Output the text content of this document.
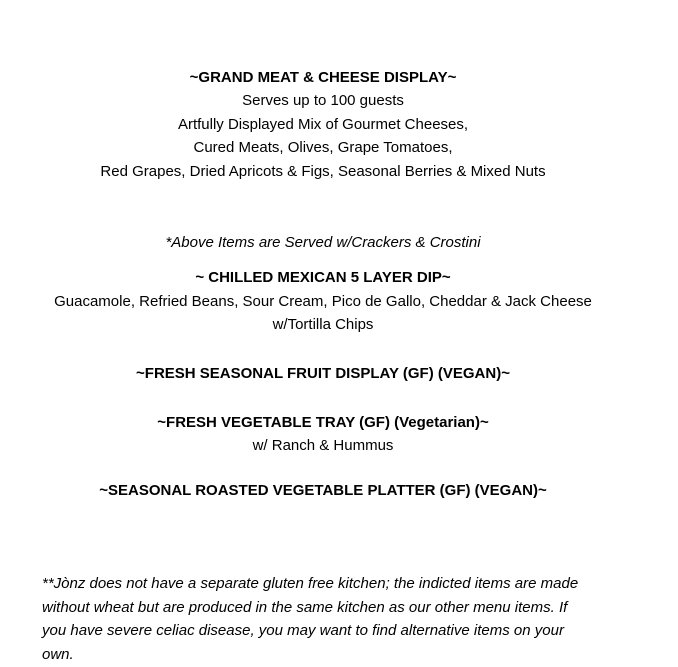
~GRAND MEAT & CHEESE DISPLAY~
Serves up to 100 guests
Artfully Displayed Mix of Gourmet Cheeses,
Cured Meats, Olives, Grape Tomatoes,
Red Grapes, Dried Apricots & Figs, Seasonal Berries & Mixed Nuts
*Above Items are Served w/Crackers & Crostini
~ CHILLED MEXICAN 5 LAYER DIP~
Guacamole, Refried Beans, Sour Cream, Pico de Gallo, Cheddar & Jack Cheese
w/Tortilla Chips
~FRESH SEASONAL FRUIT DISPLAY (GF) (VEGAN)~
~FRESH VEGETABLE TRAY (GF) (Vegetarian)~
w/ Ranch & Hummus
~SEASONAL ROASTED VEGETABLE PLATTER (GF) (VEGAN)~
**Jònz does not have a separate gluten free kitchen; the indicted items are made
without wheat but are produced in the same kitchen as our other menu items. If
you have severe celiac disease, you may want to find alternative items on your
own.
